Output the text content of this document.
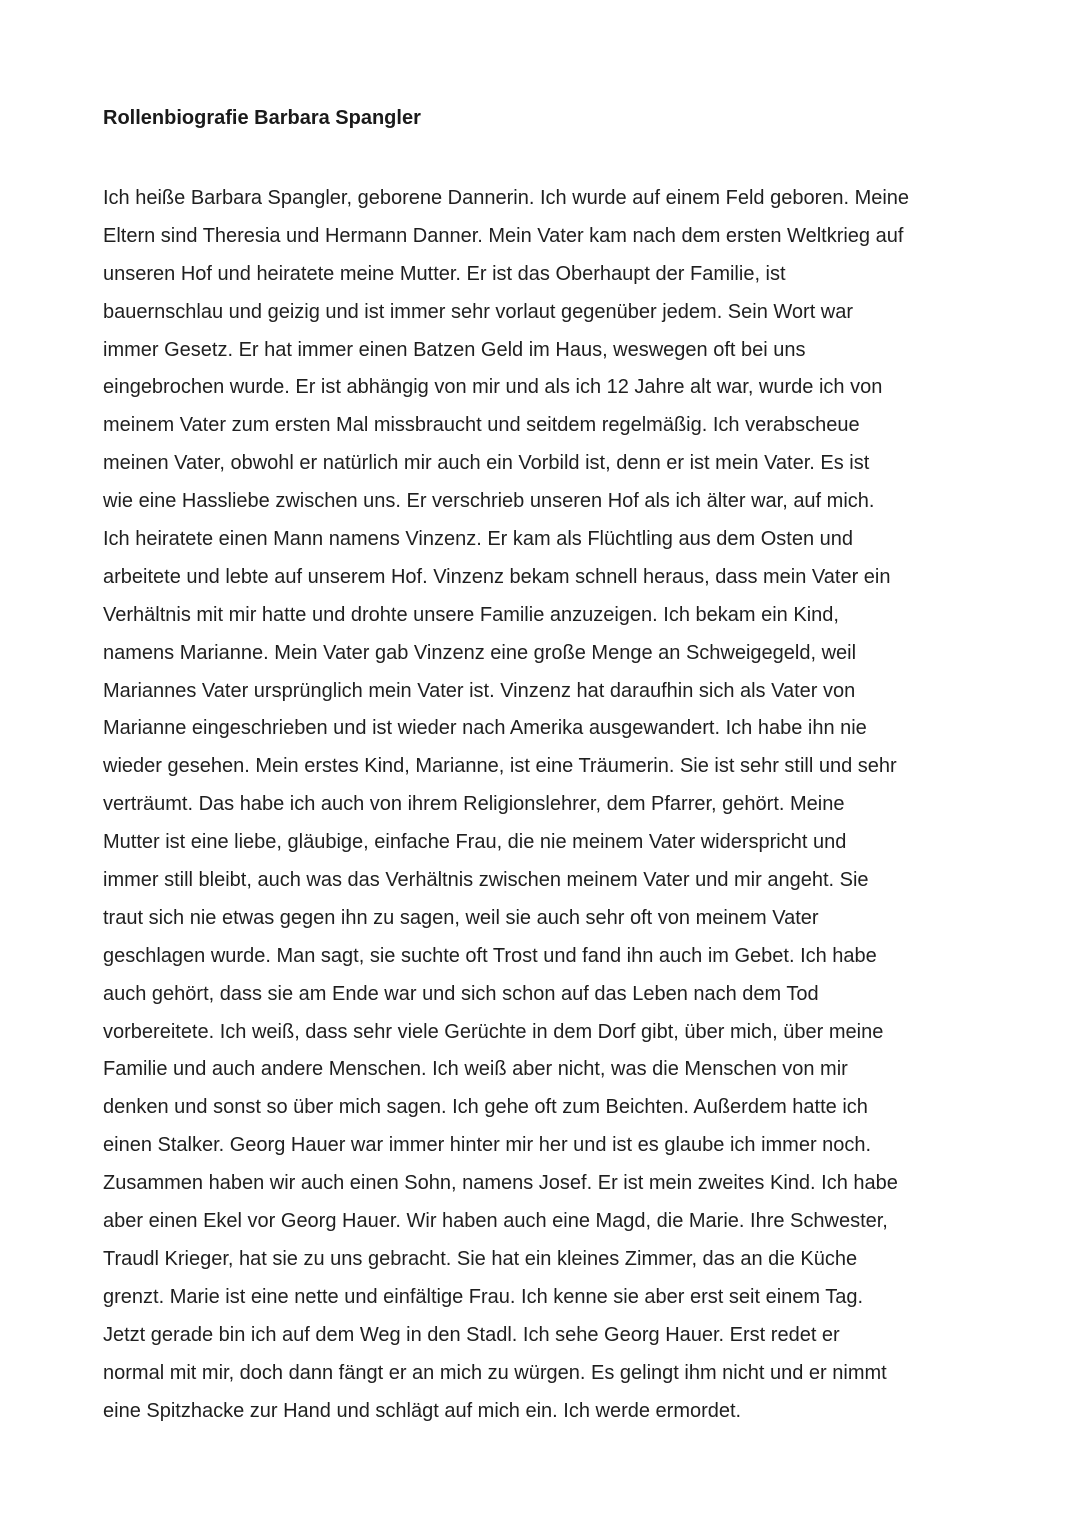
Rollenbiografie Barbara Spangler
Ich heiße Barbara Spangler, geborene Dannerin. Ich wurde auf einem Feld geboren. Meine
Eltern sind Theresia und Hermann Danner. Mein Vater kam nach dem ersten Weltkrieg auf
unseren Hof und heiratete meine Mutter. Er ist das Oberhaupt der Familie, ist
bauernschlau und geizig und ist immer sehr vorlaut gegenüber jedem. Sein Wort war
immer Gesetz. Er hat immer einen Batzen Geld im Haus, weswegen oft bei uns
eingebrochen wurde. Er ist abhängig von mir und als ich 12 Jahre alt war, wurde ich von
meinem Vater zum ersten Mal missbraucht und seitdem regelmäßig. Ich verabscheue
meinen Vater, obwohl er natürlich mir auch ein Vorbild ist, denn er ist mein Vater. Es ist
wie eine Hassliebe zwischen uns. Er verschrieb unseren Hof als ich älter war, auf mich.
Ich heiratete einen Mann namens Vinzenz. Er kam als Flüchtling aus dem Osten und
arbeitete und lebte auf unserem Hof. Vinzenz bekam schnell heraus, dass mein Vater ein
Verhältnis mit mir hatte und drohte unsere Familie anzuzeigen. Ich bekam ein Kind,
namens Marianne. Mein Vater gab Vinzenz eine große Menge an Schweigegeld, weil
Mariannes Vater ursprünglich mein Vater ist. Vinzenz hat daraufhin sich als Vater von
Marianne eingeschrieben und ist wieder nach Amerika ausgewandert. Ich habe ihn nie
wieder gesehen. Mein erstes Kind, Marianne, ist eine Träumerin. Sie ist sehr still und sehr
verträumt. Das habe ich auch von ihrem Religionslehrer, dem Pfarrer, gehört. Meine
Mutter ist eine liebe, gläubige, einfache Frau, die nie meinem Vater widerspricht und
immer still bleibt, auch was das Verhältnis zwischen meinem Vater und mir angeht. Sie
traut sich nie etwas gegen ihn zu sagen, weil sie auch sehr oft von meinem Vater
geschlagen wurde. Man sagt, sie suchte oft Trost und fand ihn auch im Gebet. Ich habe
auch gehört, dass sie am Ende war und sich schon auf das Leben nach dem Tod
vorbereitete. Ich weiß, dass sehr viele Gerüchte in dem Dorf gibt, über mich, über meine
Familie und auch andere Menschen. Ich weiß aber nicht, was die Menschen von mir
denken und sonst so über mich sagen. Ich gehe oft zum Beichten. Außerdem hatte ich
einen Stalker. Georg Hauer war immer hinter mir her und ist es glaube ich immer noch.
Zusammen haben wir auch einen Sohn, namens Josef. Er ist mein zweites Kind. Ich habe
aber einen Ekel vor Georg Hauer. Wir haben auch eine Magd, die Marie. Ihre Schwester,
Traudl Krieger, hat sie zu uns gebracht. Sie hat ein kleines Zimmer, das an die Küche
grenzt. Marie ist eine nette und einfältige Frau. Ich kenne sie aber erst seit einem Tag.
Jetzt gerade bin ich auf dem Weg in den Stadl. Ich sehe Georg Hauer. Erst redet er
normal mit mir, doch dann fängt er an mich zu würgen. Es gelingt ihm nicht und er nimmt
eine Spitzhacke zur Hand und schlägt auf mich ein. Ich werde ermordet.
